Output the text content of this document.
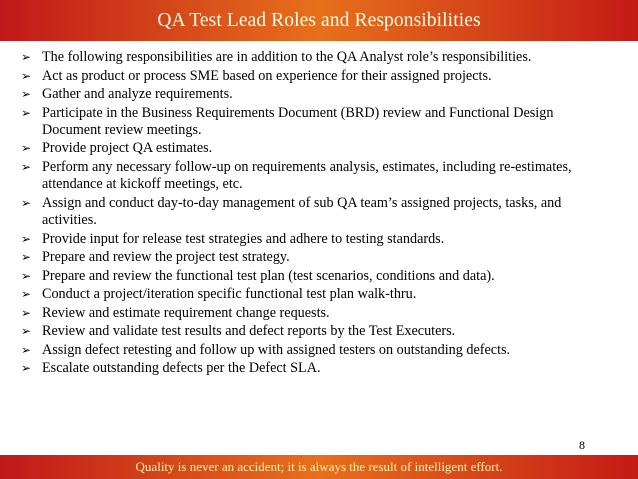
QA Test Lead Roles and Responsibilities
➢ The following responsibilities are in addition to the QA Analyst role’s responsibilities.
➢ Act as product or process SME based on experience for their assigned projects.
➢ Gather and analyze requirements.
➢ Participate in the Business Requirements Document (BRD) review and Functional Design Document review meetings.
➢ Provide project QA estimates.
➢ Perform any necessary follow-up on requirements analysis, estimates, including re-estimates, attendance at kickoff meetings, etc.
➢ Assign and conduct day-to-day management of sub QA team’s assigned projects, tasks, and activities.
➢ Provide input for release test strategies and adhere to testing standards.
➢ Prepare and review the project test strategy.
➢ Prepare and review the functional test plan (test scenarios, conditions and data).
➢ Conduct a project/iteration specific functional test plan walk-thru.
➢ Review and estimate requirement change requests.
➢ Review and validate test results and defect reports by the Test Executers.
➢ Assign defect retesting and follow up with assigned testers on outstanding defects.
➢ Escalate outstanding defects per the Defect SLA.
8
Quality is never an accident; it is always the result of intelligent effort.
